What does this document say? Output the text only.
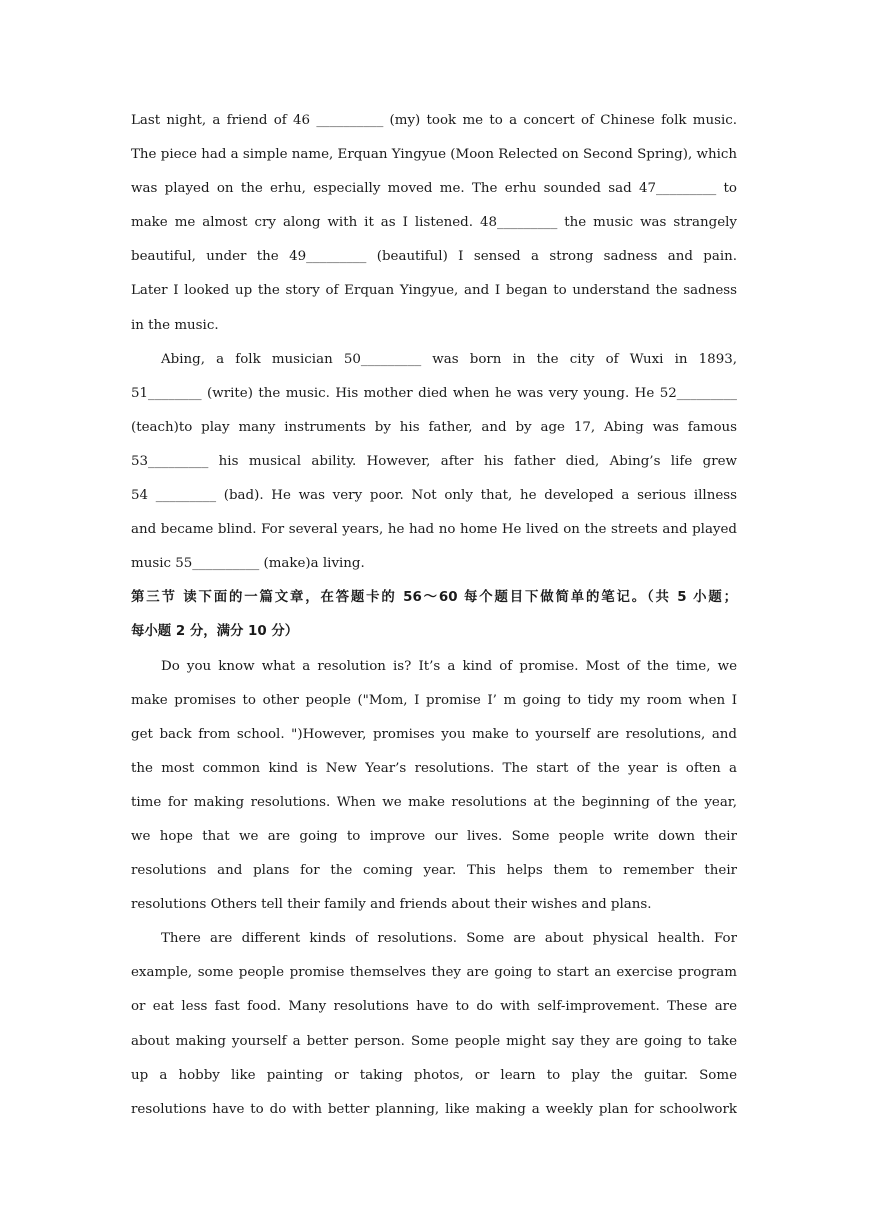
Last night, a friend of 46 __________ (my) took me to a concert of Chinese folk music.
The piece had a simple name, Erquan Yingyue (Moon Relected on Second Spring), which
was played on the erhu, especially moved me. The erhu sounded sad 47_________ to
make me almost cry along with it as I listened. 48_________ the music was strangely
beautiful, under the 49_________ (beautiful) I sensed a strong sadness and pain.
Later I looked up the story of Erquan Yingyue, and I began to understand the sadness
in the music.
Abing, a folk musician 50_________ was born in the city of Wuxi in 1893,
51________ (write) the music. His mother died when he was very young. He 52_________
(teach)to play many instruments by his father, and by age 17, Abing was famous
53_________ his musical ability. However, after his father died, Abing’s life grew
54 _________ (bad). He was very poor. Not only that, he developed a serious illness
and became blind. For several years, he had no home He lived on the streets and played
music 55__________ (make)a living.
第三节 读下面的一篇文章，在答题卡的 56～60 每个题目下做简单的笔记。（共 5 小题；
每小题 2 分，满分 10 分）
Do you know what a resolution is? It’s a kind of promise. Most of the time, we
make promises to other people ("Mom, I promise I’ m going to tidy my room when I
get back from school. ")However, promises you make to yourself are resolutions, and
the most common kind is New Year’s resolutions. The start of the year is often a
time for making resolutions. When we make resolutions at the beginning of the year,
we hope that we are going to improve our lives. Some people write down their
resolutions and plans for the coming year. This helps them to remember their
resolutions Others tell their family and friends about their wishes and plans.
There are different kinds of resolutions. Some are about physical health. For
example, some people promise themselves they are going to start an exercise program
or eat less fast food. Many resolutions have to do with self-improvement. These are
about making yourself a better person. Some people might say they are going to take
up a hobby like painting or taking photos, or learn to play the guitar. Some
resolutions have to do with better planning, like making a weekly plan for schoolwork
